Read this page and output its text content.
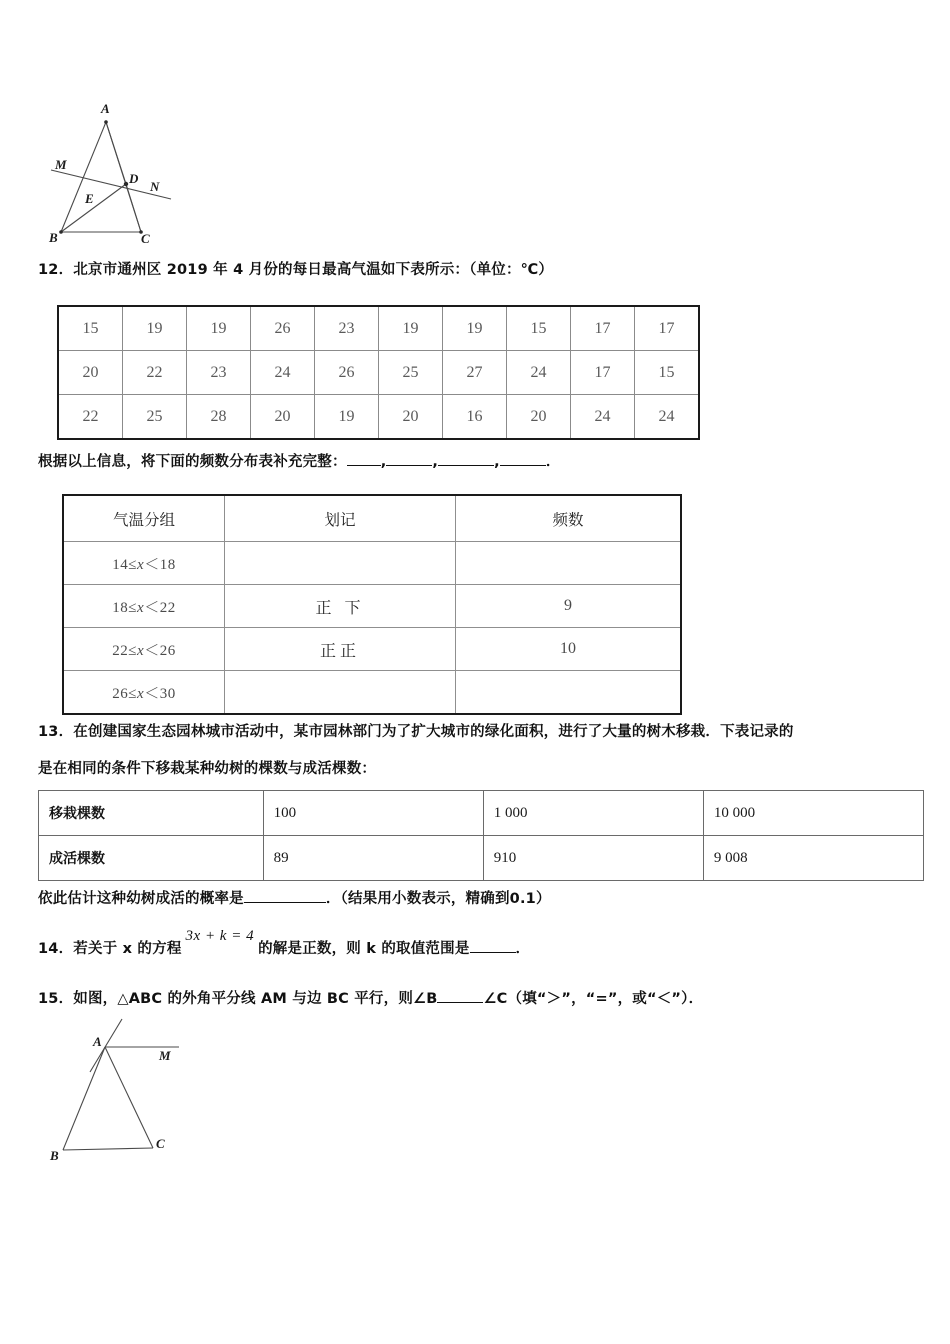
A
M
D
N
E
B	C
12．北京市通州区 2019 年 4 月份的每日最高气温如下表所示：（单位：℃）
15	19	19	26	23	19	19	15	17	17
20	22	23	24	26	25	27	24	17	15
22	25	28	20	19	20	16	20	24	24
根据以上信息，将下面的频数分布表补充完整： ,	,	,	．
气温分组	划记	频数
14≤x＜18		
18≤x＜22	正 下	9
22≤x＜26	正正	10
26≤x＜30		
13．在创建国家生态园林城市活动中，某市园林部门为了扩大城市的绿化面积，进行了大量的树木移栽．下表记录的
是在相同的条件下移栽某种幼树的棵数与成活棵数：
移栽棵数	100	1 000	10 000
成活棵数	89	910	9 008
依此估计这种幼树成活的概率是	．（结果用小数表示，精确到0.1）
14．若关于 x 的方程3x + k = 4的解是正数，则 k 的取值范围是	．
15．如图，△ABC 的外角平分线 AM 与边 BC 平行，则∠B	∠C（填“＞”，“=”，或“＜”）．
A
M
B
C
